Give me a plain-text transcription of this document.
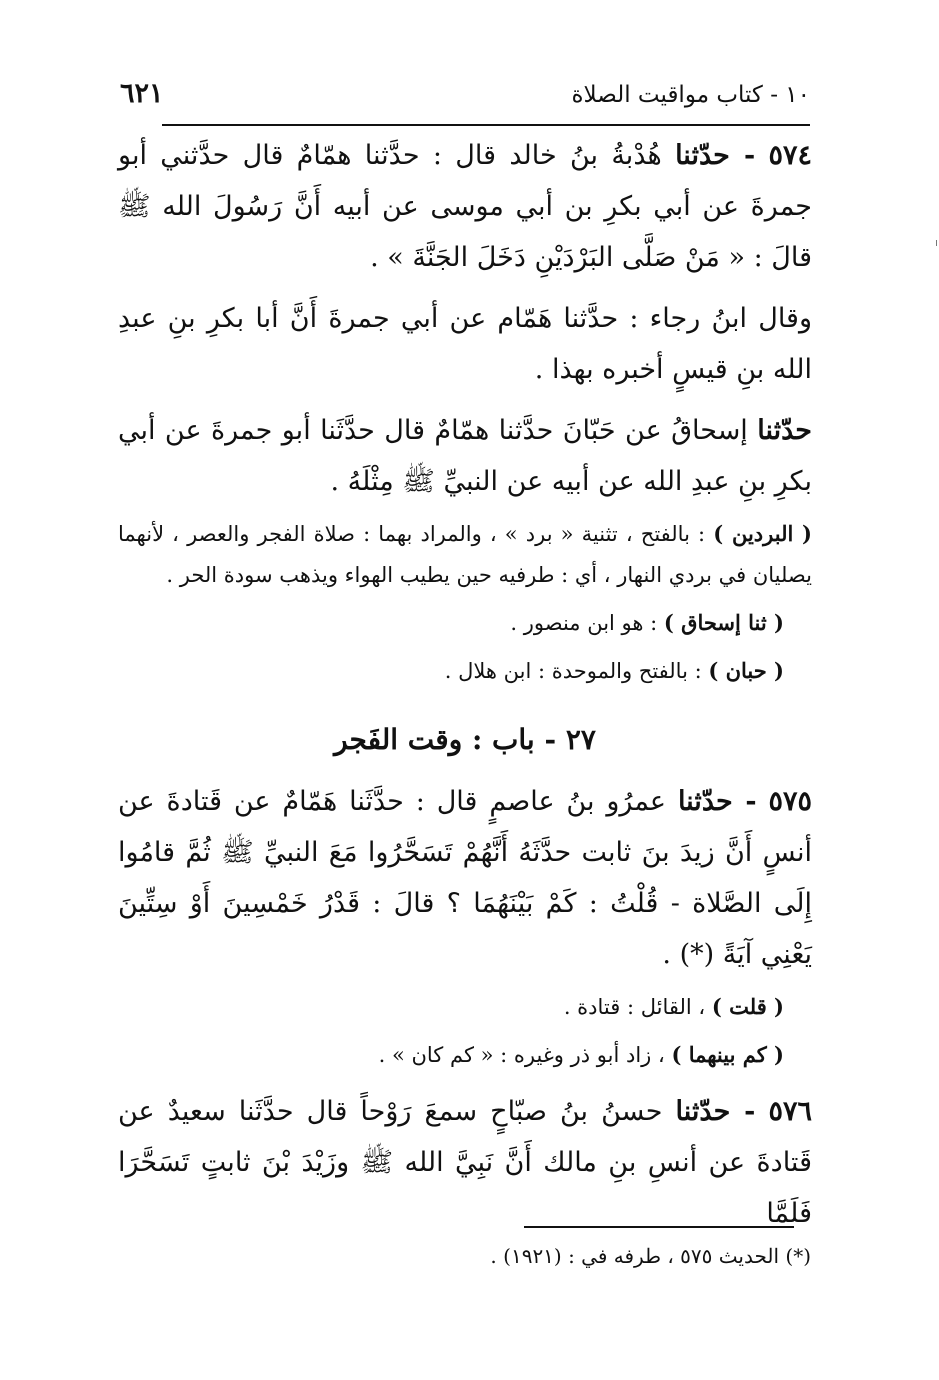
٦٢١	١٠ - كتاب مواقيت الصلاة

٥٧٤ - حدّثنا هُدْبةُ بنُ خالد قال : حدَّثنا همّامٌ قال حدَّثني أبو جمرةَ عن أبي بكرِ بن أبي موسى عن أبيه أَنَّ رَسُولَ الله ﷺ قالَ : « مَنْ صَلَّى البَرْدَيْنِ دَخَلَ الجَنَّةَ » .

وقال ابنُ رجاء : حدَّثنا هَمّام عن أبي جمرةَ أَنَّ أبا بكرِ بنِ عبدِ الله بنِ قيسٍ أخبره بهذا .

حدّثنا إسحاقُ عن حَبّانَ حدَّثنا همّامٌ قال حدَّثَنا أبو جمرةَ عن أبي بكرِ بنِ عبدِ الله عن أبيه عن النبيِّ ﷺ مِثْلَهُ .

( البردين ) : بالفتح ، تثنية « برد » ، والمراد بهما : صلاة الفجر والعصر ، لأنهما يصليان في بردي النهار ، أي : طرفيه حين يطيب الهواء ويذهب سودة الحر .

( ثنا إسحاق ) : هو ابن منصور .

( حبان ) : بالفتح والموحدة : ابن هلال .

٢٧ - باب : وقت الفَجر

٥٧٥ - حدّثنا عمرُو بنُ عاصمٍ قال : حدَّثَنا هَمّامٌ عن قَتادةَ عن أنسٍ أَنَّ زيدَ بنَ ثابت حدَّثَهُ أَنَّهُمْ تَسَحَّرُوا مَعَ النبيِّ ﷺ ثُمَّ قامُوا إِلَى الصَّلاة - قُلْتُ : كَمْ بَيْنَهُمَا ؟ قالَ : قَدْرُ خَمْسِينَ أَوْ سِتِّينَ يَعْنِي آيَةً (*) .

( قلت ) ، القائل : قتادة .

( كم بينهما ) ، زاد أبو ذر وغيره : « كم كان » .

٥٧٦ - حدّثنا حسنُ بنُ صبّاحٍ سمعَ رَوْحاً قال حدَّثَنا سعيدٌ عن قَتادةَ عن أنسِ بنِ مالك أَنَّ نَبِيَّ الله ﷺ وزَيْدَ بْنَ ثابتٍ تَسَحَّرَا فَلَمَّا

(*) الحديث ٥٧٥ ، طرفه في : (١٩٢١) .
